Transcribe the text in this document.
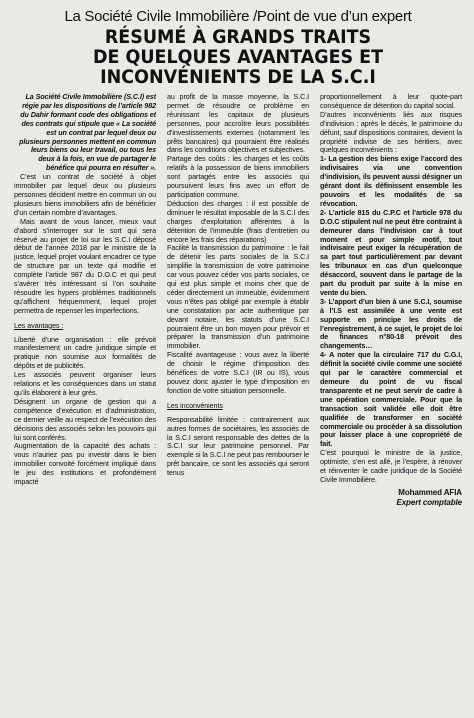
La Société Civile Immobilière /Point de vue d’un expert
RÉSUMÉ À GRANDS TRAITS
DE QUELQUES AVANTAGES ET
INCONVÉNIENTS DE LA S.C.I

La Société Civile Immobilière (S.C.I) est régie par les dispositions de l’article 982 du Dahir formant code des obligations et des contrats qui stipule que « La société est un contrat par lequel deux ou plusieurs personnes mettent en commun leurs biens ou leur travail, ou tous les deux à la fois, en vue de partager le bénéfice qui pourra en résulter ».

C’est un contrat de société à objet immobilier par lequel deux ou plusieurs personnes décident mettre en commun un ou plusieurs biens immobiliers afin de bénéficier d’un certain nombre d’avantages.

Mais avant de vous lancer, mieux vaut d’abord s’interroger sur le sort qui sera réservé au projet de loi sur les S.C.I déposé début de l’année 2018 par le ministre de la justice, lequel projet voulant encadrer ce type de structure par un texte qui modifie et complète l’article 987 du D.O.C et qui peut s’avérer très intéressant si l’on souhaite résoudre les hypers problèmes traditionnels qu’affichent fréquemment, lequel projet permettra de repenser les imperfections.

Les avantages :

Liberté d’une organisation : elle prévoit manifestement un cadre juridique simple et pratique non soumise aux formalités de dépôts et de publicités.

Les associés peuvent organiser leurs relations et les conséquences dans un statut qu’ils élaborent à leur grés.

Désignent un organe de gestion qui a compétence d’exécution et d’administration, ce dernier veille au respect de l’exécution des décisions des associés selon les pouvoirs qui lui sont conférés.

Augmentation de la capacité des achats : vous n’auriez pas pu investir dans le bien immobilier convoité forcément impliqué dans le jeu des institutions et profondément impacté

au profit de la masse moyenne, la S.C.I permet de résoudre ce problème en réunissant les capitaux de plusieurs personnes, pour accroître leurs possibilités d’investissements externes (notamment les prêts bancaires) qui pourraient être réalisés dans les conditions objectives et subjectives.

Partage des coûts : les charges et les coûts relatifs à la possession de biens immobiliers sont partagés entre les associés qui poursuivent leurs fins avec un effort de participation commune.

Déduction des charges : il est possible de diminuer le résultat imposable de la S.C.I des charges d’exploitation afférentes à la détention de l’immeuble (frais d’entretien ou encore les frais des réparations)

Facilité la transmission du patrimoine : le fait de détenir les parts sociales de la S.C.I simplifie la transmission de votre patrimoine car vous pouvez céder vos parts sociales, ce qui est plus simple et moins cher que de céder directement un immeuble, évidemment vous n’êtes pas obligé par exemple à établir une constatation par acte authentique par devant notaire, les statuts d’une S.C.I pourraient être un bon moyen pour prévoir et préparer la transmission d’un patrimoine immobilier.

Fiscalité avantageuse : vous avez la liberté de choisir le régime d’imposition des bénéfices de votre S.C.I (IR ou IS), vous pouvez donc ajuster le type d’imposition en fonction de votre situation personnelle.

Les inconvénients

Responsabilité limitée : contrairement aux autres formes de sociétaires, les associés de la S.C.I seront responsable des dettes de la S.C.I sur leur patrimoine personnel. Par exemple si la S.C.I ne peut pas rembourser le prêt bancaire, ce sont les associés qui seront tenus

proportionnellement à leur quote-part conséquence de détention du capital social.

D’autres inconvénients liés aux risques d’indivision : après le décès, le patrimoine du défunt, sauf dispositions contraires, devient la propriété indivise de ses héritiers, avec quelques inconvénients :

1- La gestion des biens exige l’accord des indivisaires via une convention d’indivision, ils peuvent aussi désigner un gérant dont ils définissent ensemble les pouvoirs et les modalités de sa révocation.

2- L’article 815 du C.P.C et l’article 978 du D.O.C stipulent nul ne peut être contraint à demeurer dans l’indivision car à tout moment et pour simple motif, tout indivisaire peut exiger la récupération de sa part tout particulièrement par devant les tribunaux en cas d’un quelconque désaccord, souvent dans le partage de la part du produit par suite à la mise en vente du bien.

3- L’apport d’un bien à une S.C.I, soumise à l’I.S est assimilée à une vente est supporte en principe les droits de l’enregistrement, à ce sujet, le projet de loi de finances n°80-18 prévoit des changements…

4- A noter que la circulaire 717 du C.G.I, définit la société civile comme une société qui par le caractère commercial et demeure du point de vu fiscal transparente et ne peut servir de cadre à une opération commerciale. Pour que la transaction soit validée elle doit être qualifiée de transformer en société commerciale ou procéder à sa dissolution pour laisser place à une copropriété de fait.

C’est pourquoi le ministre de la justice, optimiste, s’en est allé, je l’espère, à rénover et réinventer le cadre juridique de la Société Civile Immobilière.

Mohammed AFIA
Expert comptable
